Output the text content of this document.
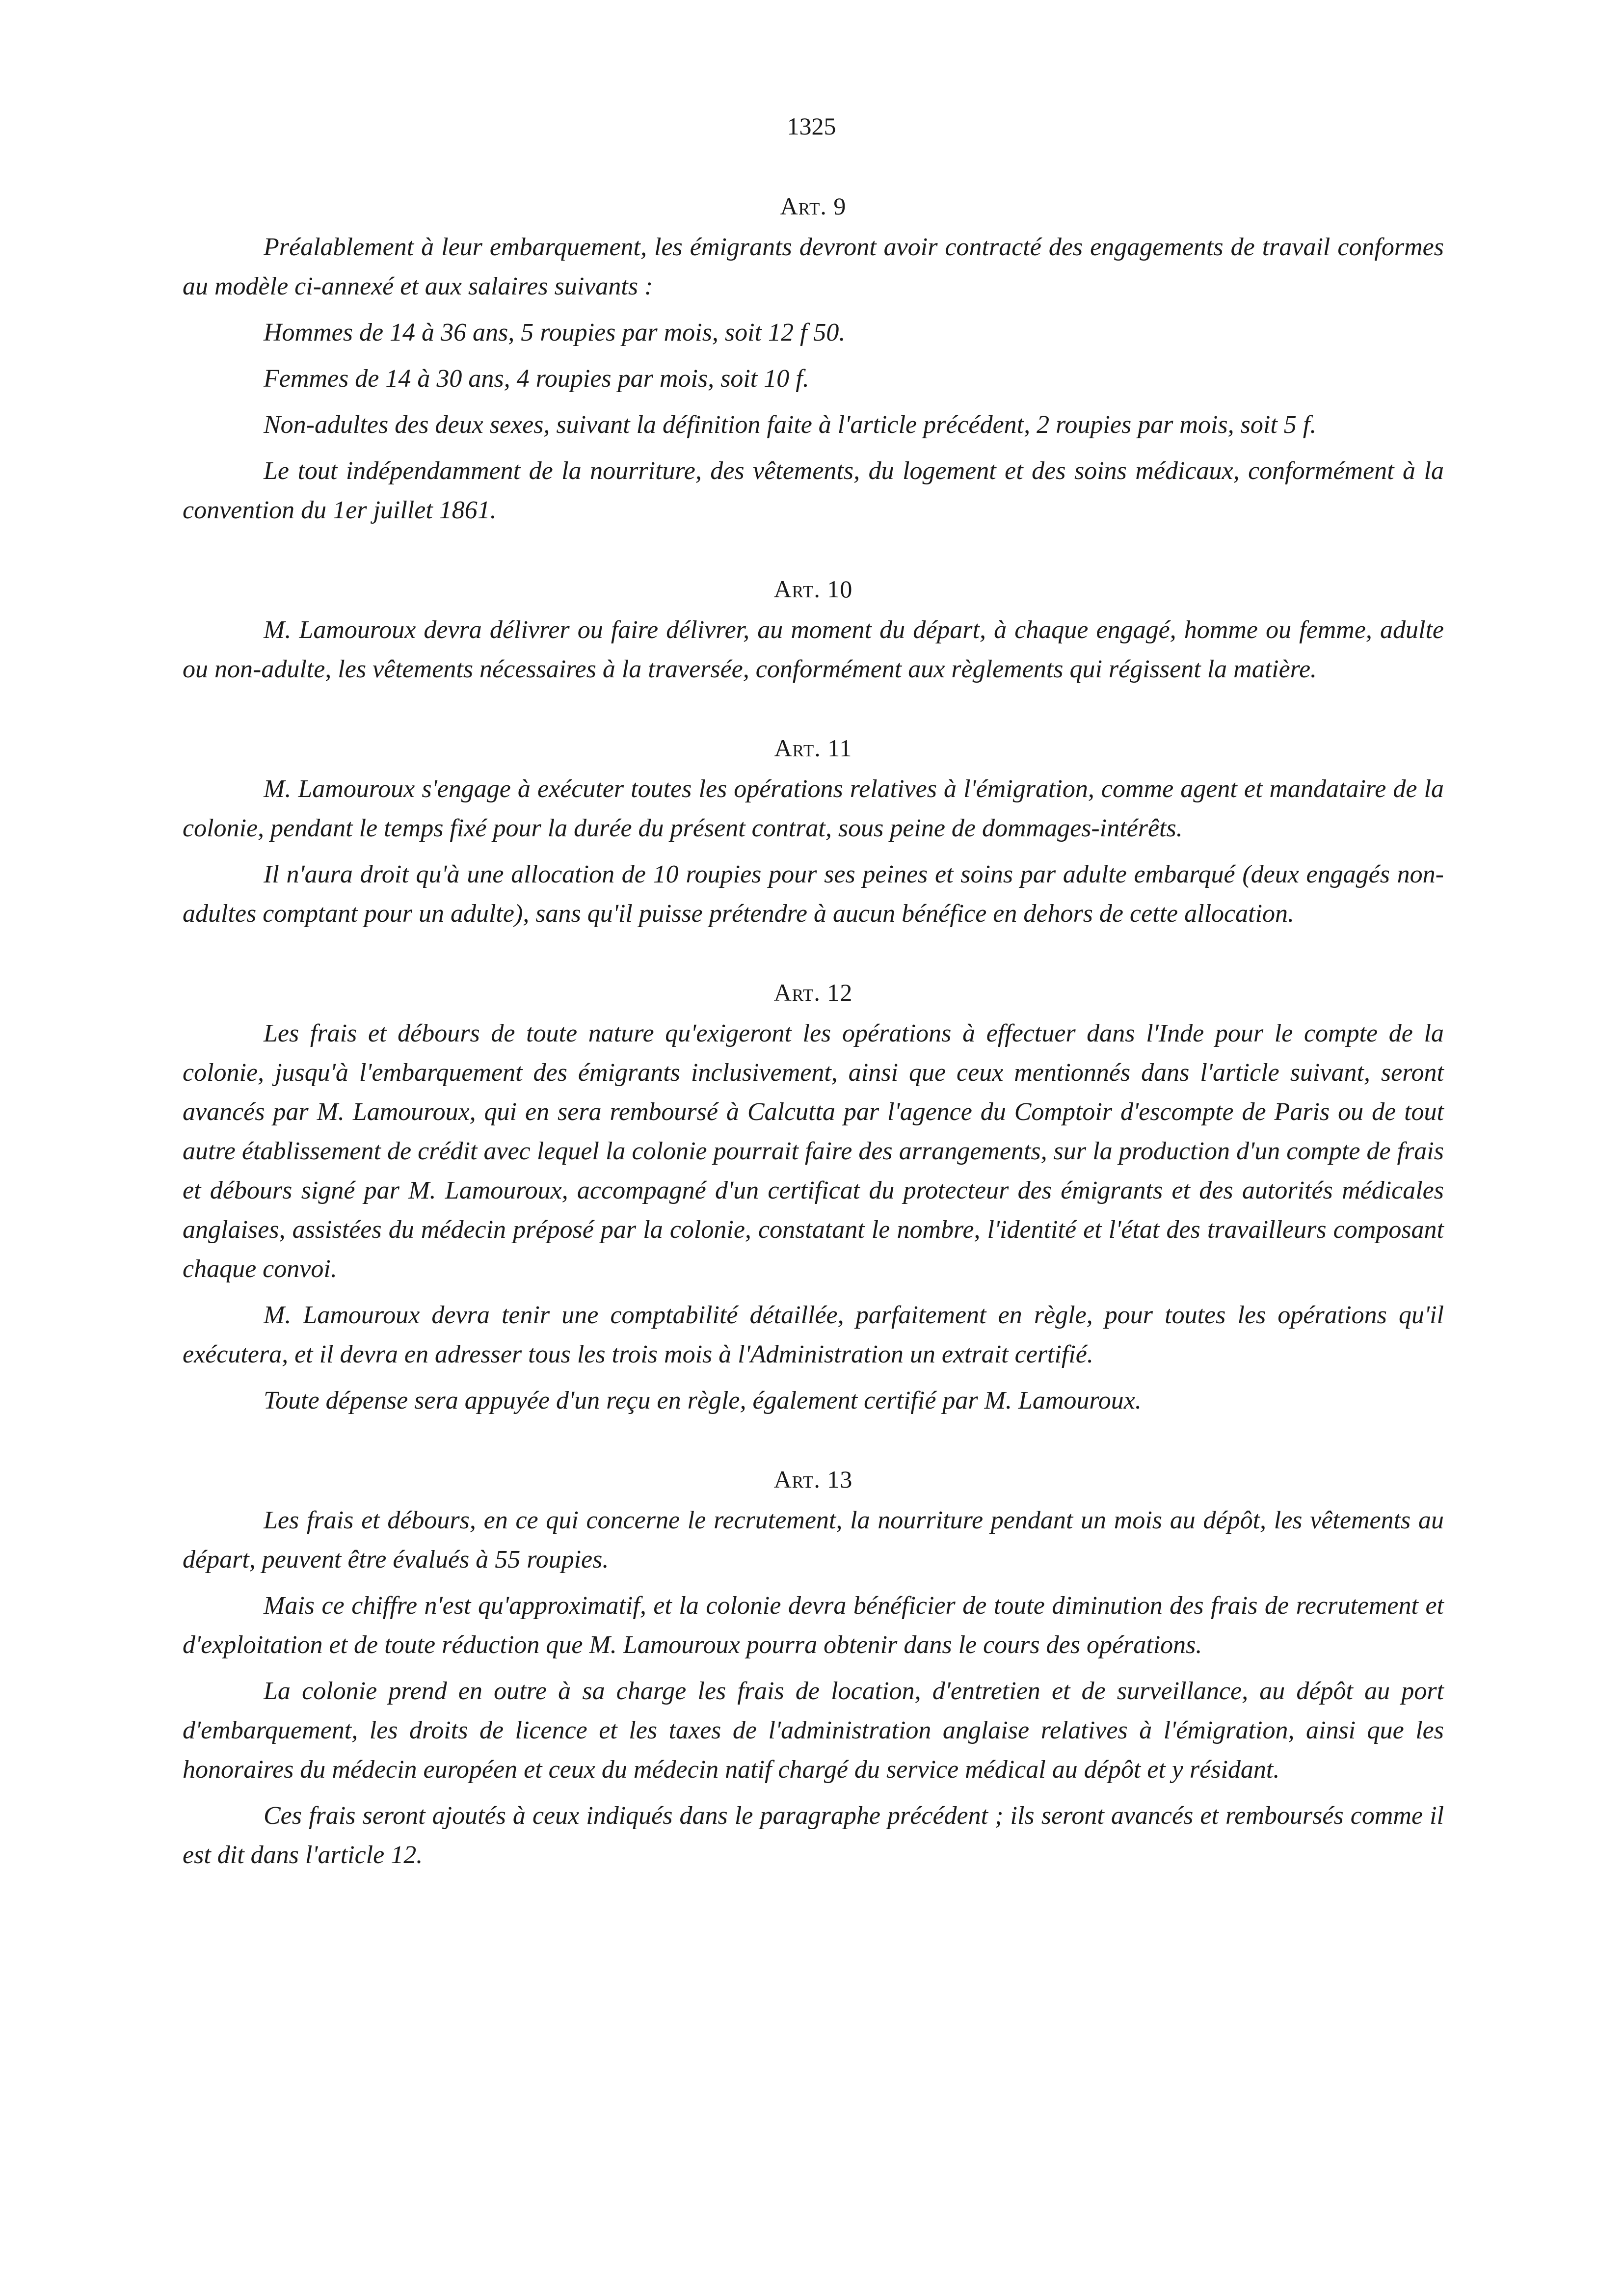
1325
Art. 9

Préalablement à leur embarquement, les émigrants devront avoir contracté des engagements de travail conformes au modèle ci-annexé et aux salaires suivants :

Hommes de 14 à 36 ans, 5 roupies par mois, soit 12 f 50.

Femmes de 14 à 30 ans, 4 roupies par mois, soit 10 f.

Non-adultes des deux sexes, suivant la définition faite à l'article précédent, 2 roupies par mois, soit 5 f.

Le tout indépendamment de la nourriture, des vêtements, du logement et des soins médicaux, conformément à la convention du 1er juillet 1861.

Art. 10

M. Lamouroux devra délivrer ou faire délivrer, au moment du départ, à chaque engagé, homme ou femme, adulte ou non-adulte, les vêtements nécessaires à la traversée, conformément aux règlements qui régissent la matière.

Art. 11

M. Lamouroux s'engage à exécuter toutes les opérations relatives à l'émigration, comme agent et mandataire de la colonie, pendant le temps fixé pour la durée du présent contrat, sous peine de dommages-intérêts.

Il n'aura droit qu'à une allocation de 10 roupies pour ses peines et soins par adulte embarqué (deux engagés non-adultes comptant pour un adulte), sans qu'il puisse prétendre à aucun bénéfice en dehors de cette allocation.

Art. 12

Les frais et débours de toute nature qu'exigeront les opérations à effectuer dans l'Inde pour le compte de la colonie, jusqu'à l'embarquement des émigrants inclusivement, ainsi que ceux mentionnés dans l'article suivant, seront avancés par M. Lamouroux, qui en sera remboursé à Calcutta par l'agence du Comptoir d'escompte de Paris ou de tout autre établissement de crédit avec lequel la colonie pourrait faire des arrangements, sur la production d'un compte de frais et débours signé par M. Lamouroux, accompagné d'un certificat du protecteur des émigrants et des autorités médicales anglaises, assistées du médecin préposé par la colonie, constatant le nombre, l'identité et l'état des travailleurs composant chaque convoi.

M. Lamouroux devra tenir une comptabilité détaillée, parfaitement en règle, pour toutes les opérations qu'il exécutera, et il devra en adresser tous les trois mois à l'Administration un extrait certifié.

Toute dépense sera appuyée d'un reçu en règle, également certifié par M. Lamouroux.

Art. 13

Les frais et débours, en ce qui concerne le recrutement, la nourriture pendant un mois au dépôt, les vêtements au départ, peuvent être évalués à 55 roupies.

Mais ce chiffre n'est qu'approximatif, et la colonie devra bénéficier de toute diminution des frais de recrutement et d'exploitation et de toute réduction que M. Lamouroux pourra obtenir dans le cours des opérations.

La colonie prend en outre à sa charge les frais de location, d'entretien et de surveillance, au dépôt au port d'embarquement, les droits de licence et les taxes de l'administration anglaise relatives à l'émigration, ainsi que les honoraires du médecin européen et ceux du médecin natif chargé du service médical au dépôt et y résidant.

Ces frais seront ajoutés à ceux indiqués dans le paragraphe précédent ; ils seront avancés et remboursés comme il est dit dans l'article 12.
